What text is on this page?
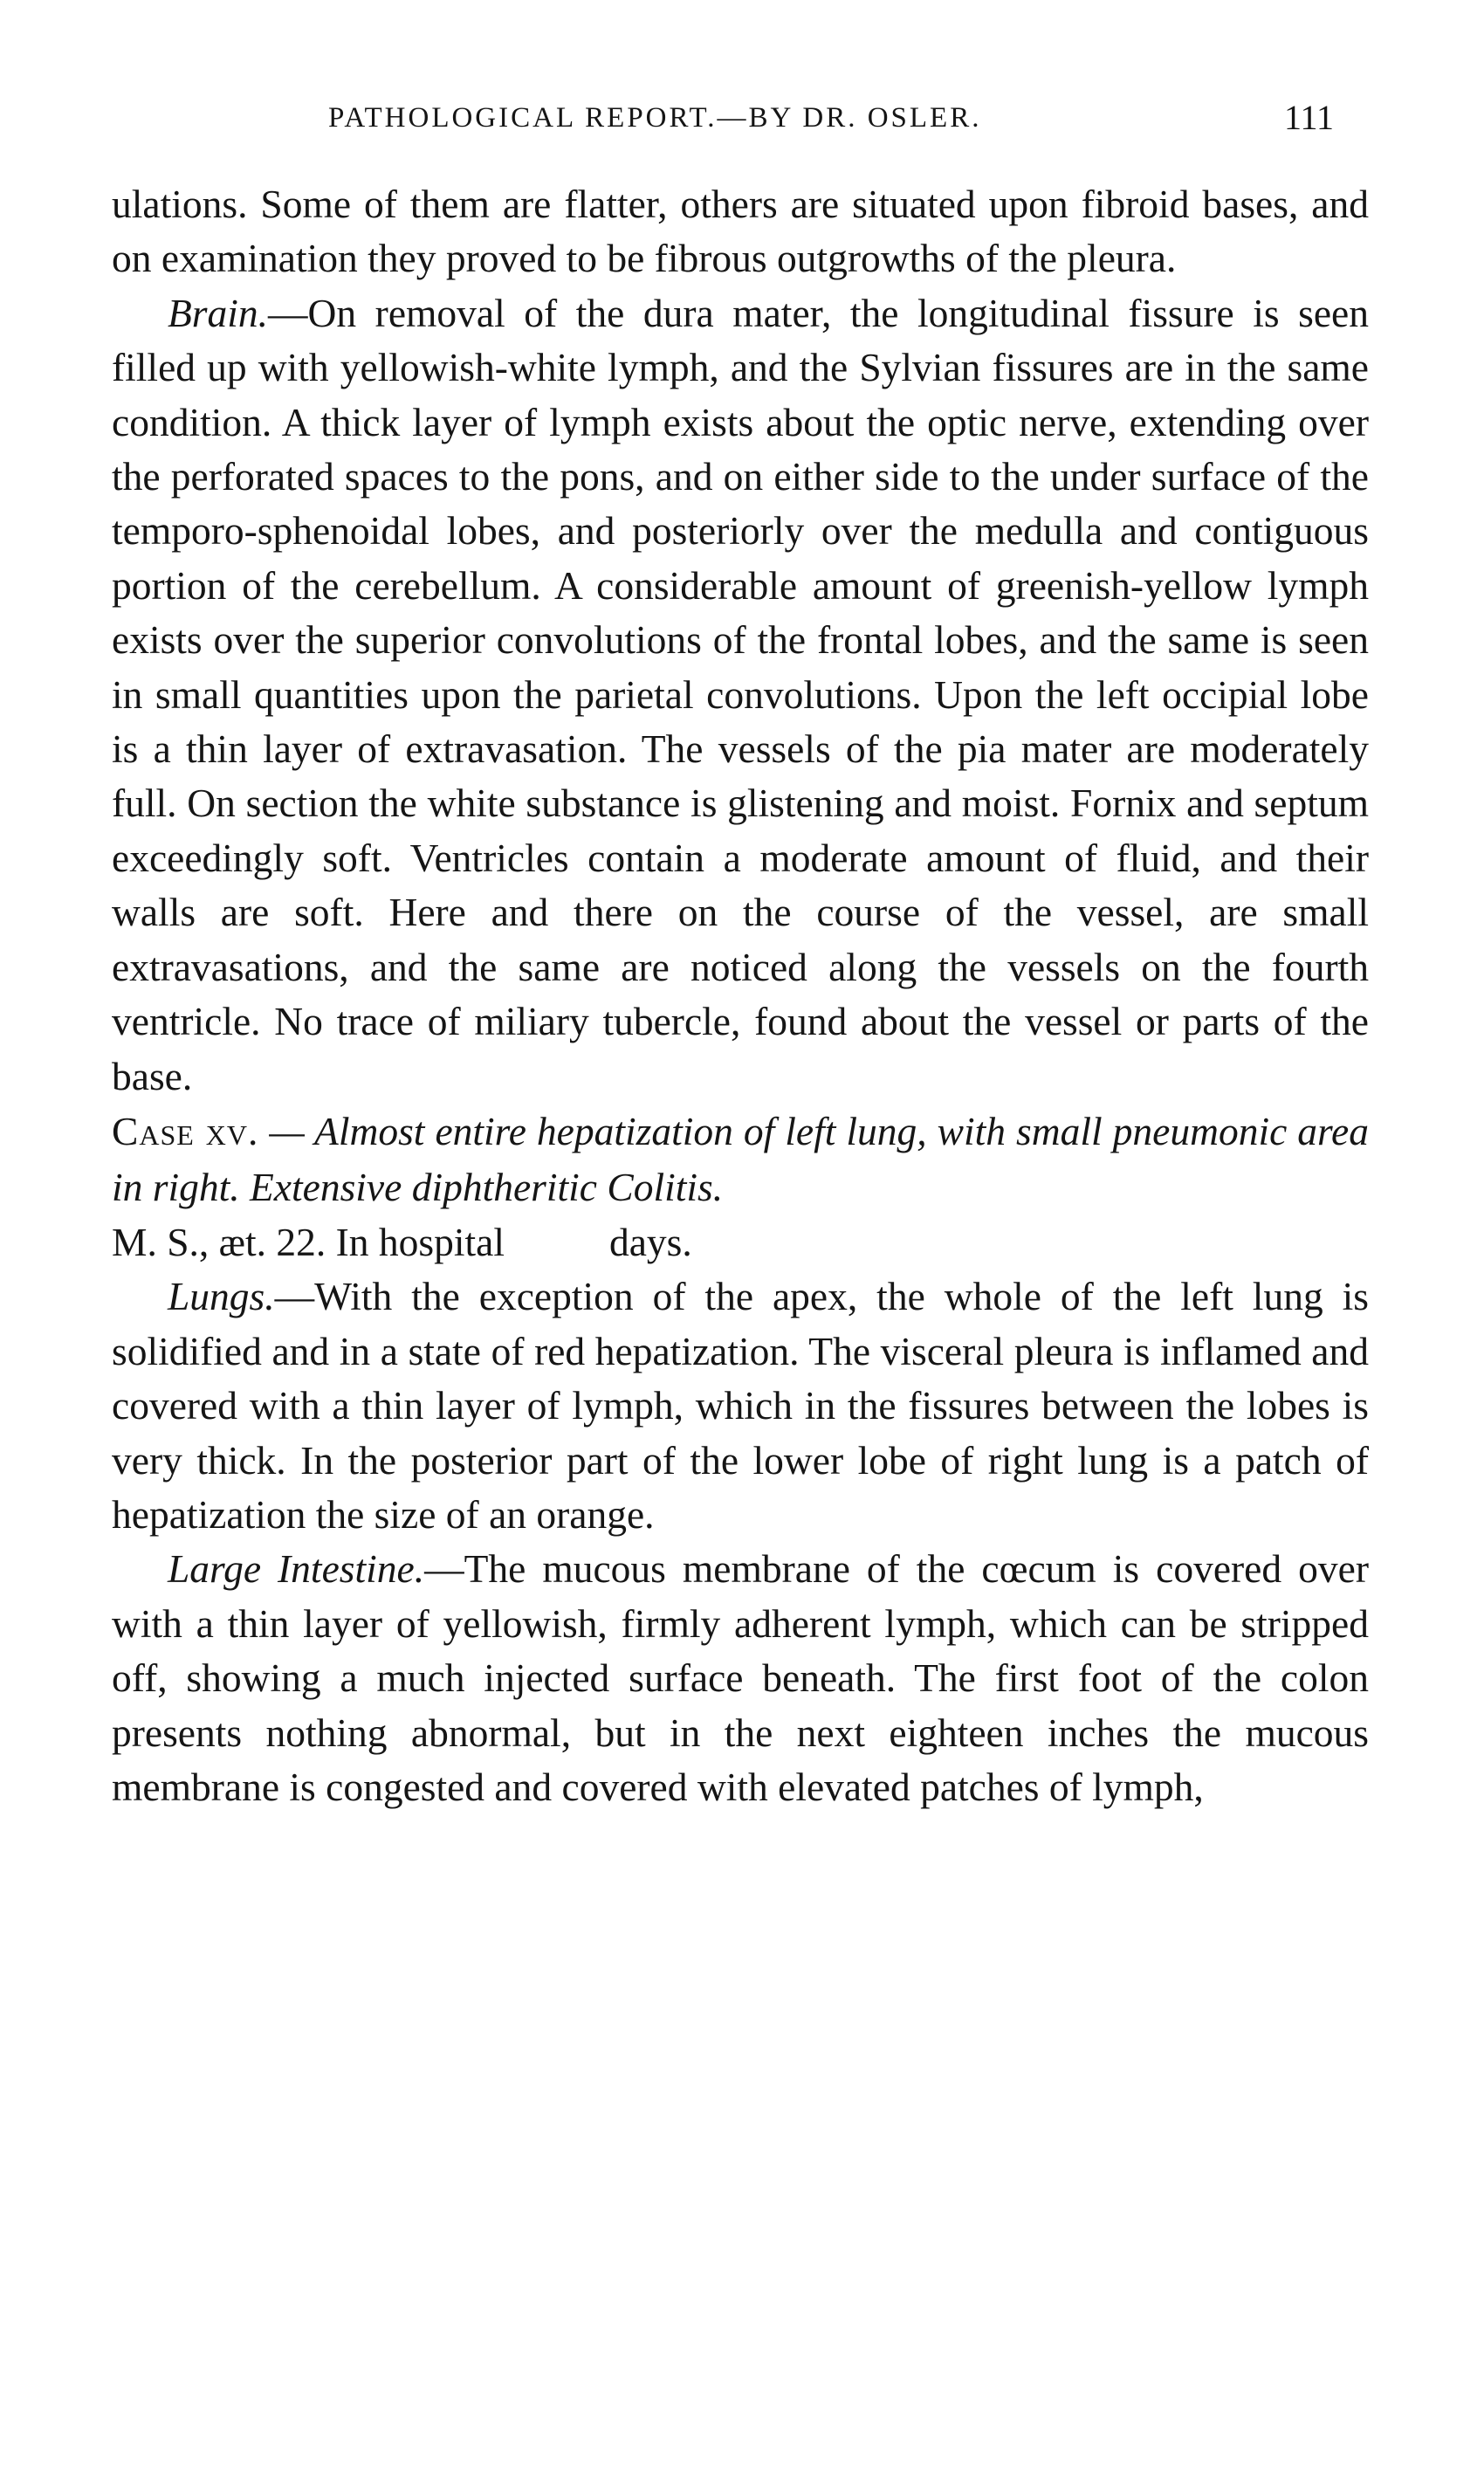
PATHOLOGICAL REPORT.—BY DR. OSLER.	111

ulations. Some of them are flatter, others are situated upon fibroid bases, and on examination they proved to be fibrous outgrowths of the pleura.

Brain.—On removal of the dura mater, the longitudinal fissure is seen filled up with yellowish-white lymph, and the Sylvian fissures are in the same condition. A thick layer of lymph exists about the optic nerve, extending over the perforated spaces to the pons, and on either side to the under surface of the temporo-sphenoidal lobes, and posteriorly over the medulla and contiguous portion of the cerebellum. A considerable amount of greenish-yellow lymph exists over the superior convolutions of the frontal lobes, and the same is seen in small quantities upon the parietal convolutions. Upon the left occipial lobe is a thin layer of extravasation. The vessels of the pia mater are moderately full. On section the white substance is glistening and moist. Fornix and septum exceedingly soft. Ventricles contain a moderate amount of fluid, and their walls are soft. Here and there on the course of the vessel, are small extravasations, and the same are noticed along the vessels on the fourth ventricle. No trace of miliary tubercle, found about the vessel or parts of the base.

Case xv. — Almost entire hepatization of left lung, with small pneumonic area in right. Extensive diphtheritic Colitis.

M. S., æt. 22. In hospital	days.

Lungs.—With the exception of the apex, the whole of the left lung is solidified and in a state of red hepatization. The visceral pleura is inflamed and covered with a thin layer of lymph, which in the fissures between the lobes is very thick. In the posterior part of the lower lobe of right lung is a patch of hepatization the size of an orange.

Large Intestine.—The mucous membrane of the cœcum is covered over with a thin layer of yellowish, firmly adherent lymph, which can be stripped off, showing a much injected surface beneath. The first foot of the colon presents nothing abnormal, but in the next eighteen inches the mucous membrane is congested and covered with elevated patches of lymph,
